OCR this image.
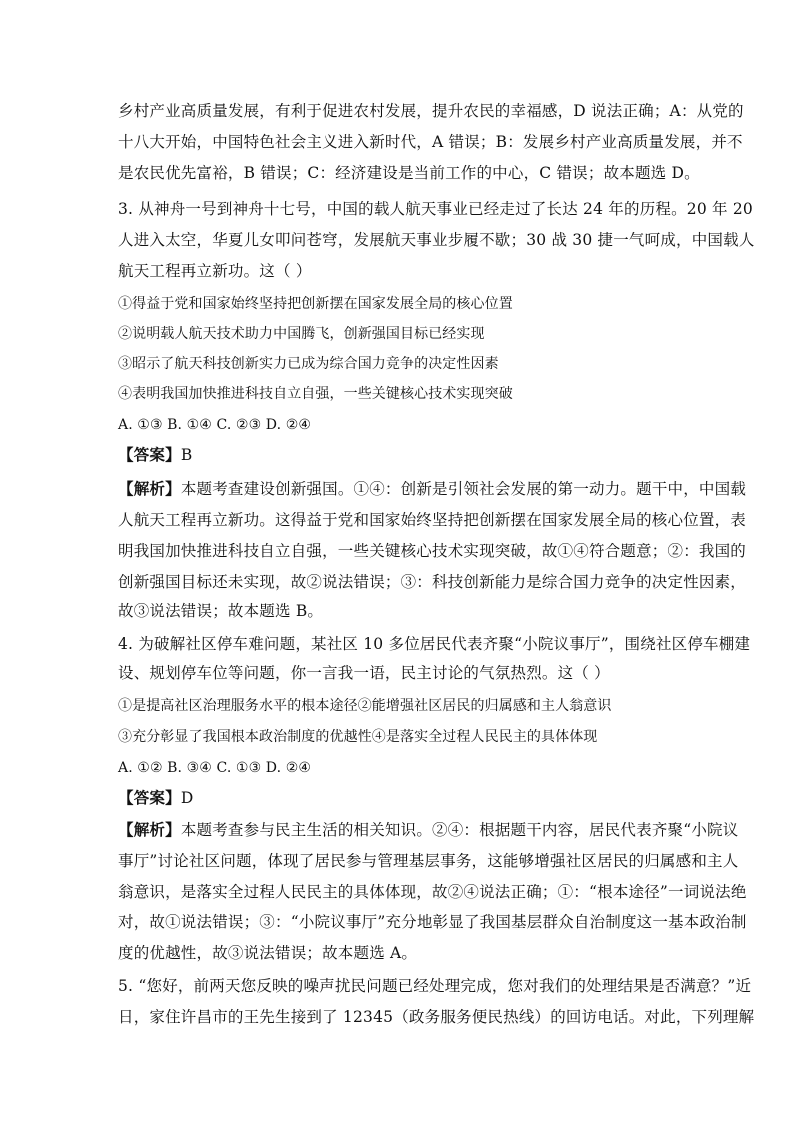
乡村产业高质量发展，有利于促进农村发展，提升农民的幸福感，D 说法正确；A：从党的
十八大开始，中国特色社会主义进入新时代，A 错误；B：发展乡村产业高质量发展，并不
是农民优先富裕，B 错误；C：经济建设是当前工作的中心，C 错误；故本题选 D。
3. 从神舟一号到神舟十七号，中国的载人航天事业已经走过了长达 24 年的历程。20 年 20
人进入太空，华夏儿女叩问苍穹，发展航天事业步履不歇；30 战 30 捷一气呵成，中国载人
航天工程再立新功。这（ ）
①得益于党和国家始终坚持把创新摆在国家发展全局的核心位置
②说明载人航天技术助力中国腾飞，创新强国目标已经实现
③昭示了航天科技创新实力已成为综合国力竞争的决定性因素
④表明我国加快推进科技自立自强，一些关键核心技术实现突破
A. ①③ B. ①④ C. ②③ D. ②④
【答案】B
【解析】本题考查建设创新强国。①④：创新是引领社会发展的第一动力。题干中，中国载
人航天工程再立新功。这得益于党和国家始终坚持把创新摆在国家发展全局的核心位置，表
明我国加快推进科技自立自强，一些关键核心技术实现突破，故①④符合题意；②：我国的
创新强国目标还未实现，故②说法错误；③：科技创新能力是综合国力竞争的决定性因素，
故③说法错误；故本题选 B。
4. 为破解社区停车难问题，某社区 10 多位居民代表齐聚“小院议事厅”，围绕社区停车棚建
设、规划停车位等问题，你一言我一语，民主讨论的气氛热烈。这（ ）
①是提高社区治理服务水平的根本途径②能增强社区居民的归属感和主人翁意识
③充分彰显了我国根本政治制度的优越性④是落实全过程人民民主的具体体现
A. ①② B. ③④ C. ①③ D. ②④
【答案】D
【解析】本题考查参与民主生活的相关知识。②④：根据题干内容，居民代表齐聚“小院议
事厅”讨论社区问题，体现了居民参与管理基层事务，这能够增强社区居民的归属感和主人
翁意识，是落实全过程人民民主的具体体现，故②④说法正确；①：“根本途径”一词说法绝
对，故①说法错误；③：“小院议事厅”充分地彰显了我国基层群众自治制度这一基本政治制
度的优越性，故③说法错误；故本题选 A。
5. “您好，前两天您反映的噪声扰民问题已经处理完成，您对我们的处理结果是否满意？”近
日，家住许昌市的王先生接到了 12345（政务服务便民热线）的回访电话。对此，下列理解
